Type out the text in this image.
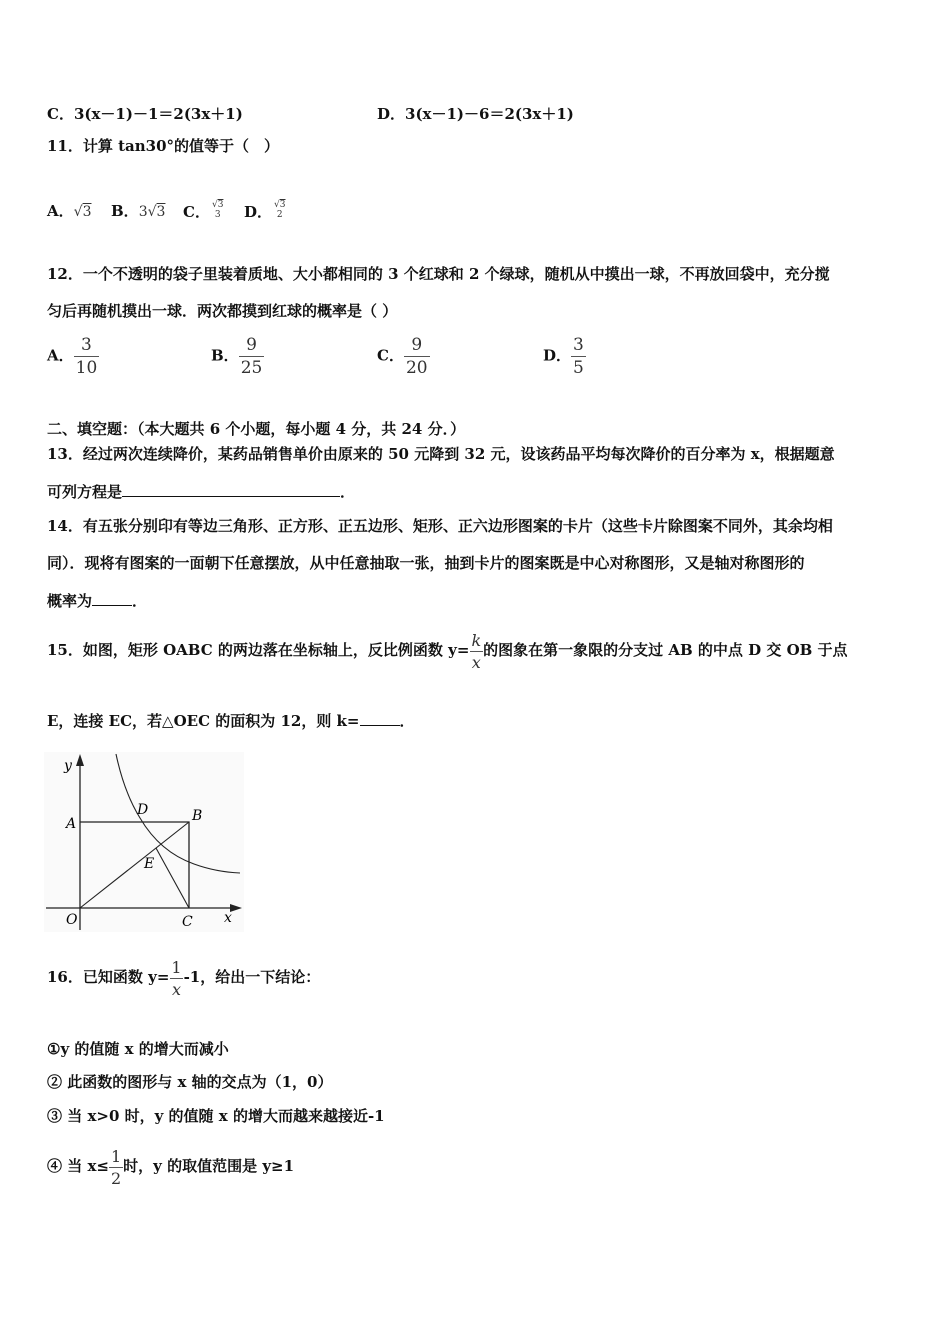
C．3(x－1)－1＝2(3x＋1)	D．3(x－1)－6＝2(3x＋1)
11．计算 tan30°的值等于（　）
A．√3 B．3√3 C． √3
3 D． √3
2
12．一个不透明的袋子里装着质地、大小都相同的 3 个红球和 2 个绿球，随机从中摸出一球，不再放回袋中，充分搅
匀后再随机摸出一球．两次都摸到红球的概率是（ ）
A． $\frac{3}{10}$	B． $\frac{9}{25}$	C． $\frac{9}{20}$	D． $\frac{3}{5}$
二、填空题：（本大题共 6 个小题，每小题 4 分，共 24 分．）
13．经过两次连续降价，某药品销售单价由原来的 50 元降到 32 元，设该药品平均每次降价的百分率为 x，根据题意
可列方程是	．
14．有五张分别印有等边三角形、正方形、正五边形、矩形、正六边形图案的卡片（这些卡片除图案不同外，其余均相
同）．现将有图案的一面朝下任意摆放，从中任意抽取一张，抽到卡片的图案既是中心对称图形，又是轴对称图形的
概率为	．
15．如图，矩形 OABC 的两边落在坐标轴上，反比例函数 $y= \frac{k}{x}$ 的图象在第一象限的分支过 AB 的中点 D 交 OB 于点
E，连接 EC，若△OEC 的面积为 12，则 k=	．
y
A
D	B
E
O	C x
16．已知函数 $y= \frac{1}{x} -1$，给出一下结论：
①y 的值随 x 的增大而减小
② 此函数的图形与 x 轴的交点为（1，0）
③ 当 x>0 时，y 的值随 x 的增大而越来越接近-1
④ 当 $x\le \frac{1}{2}$ 时，y 的取值范围是 y≥1
